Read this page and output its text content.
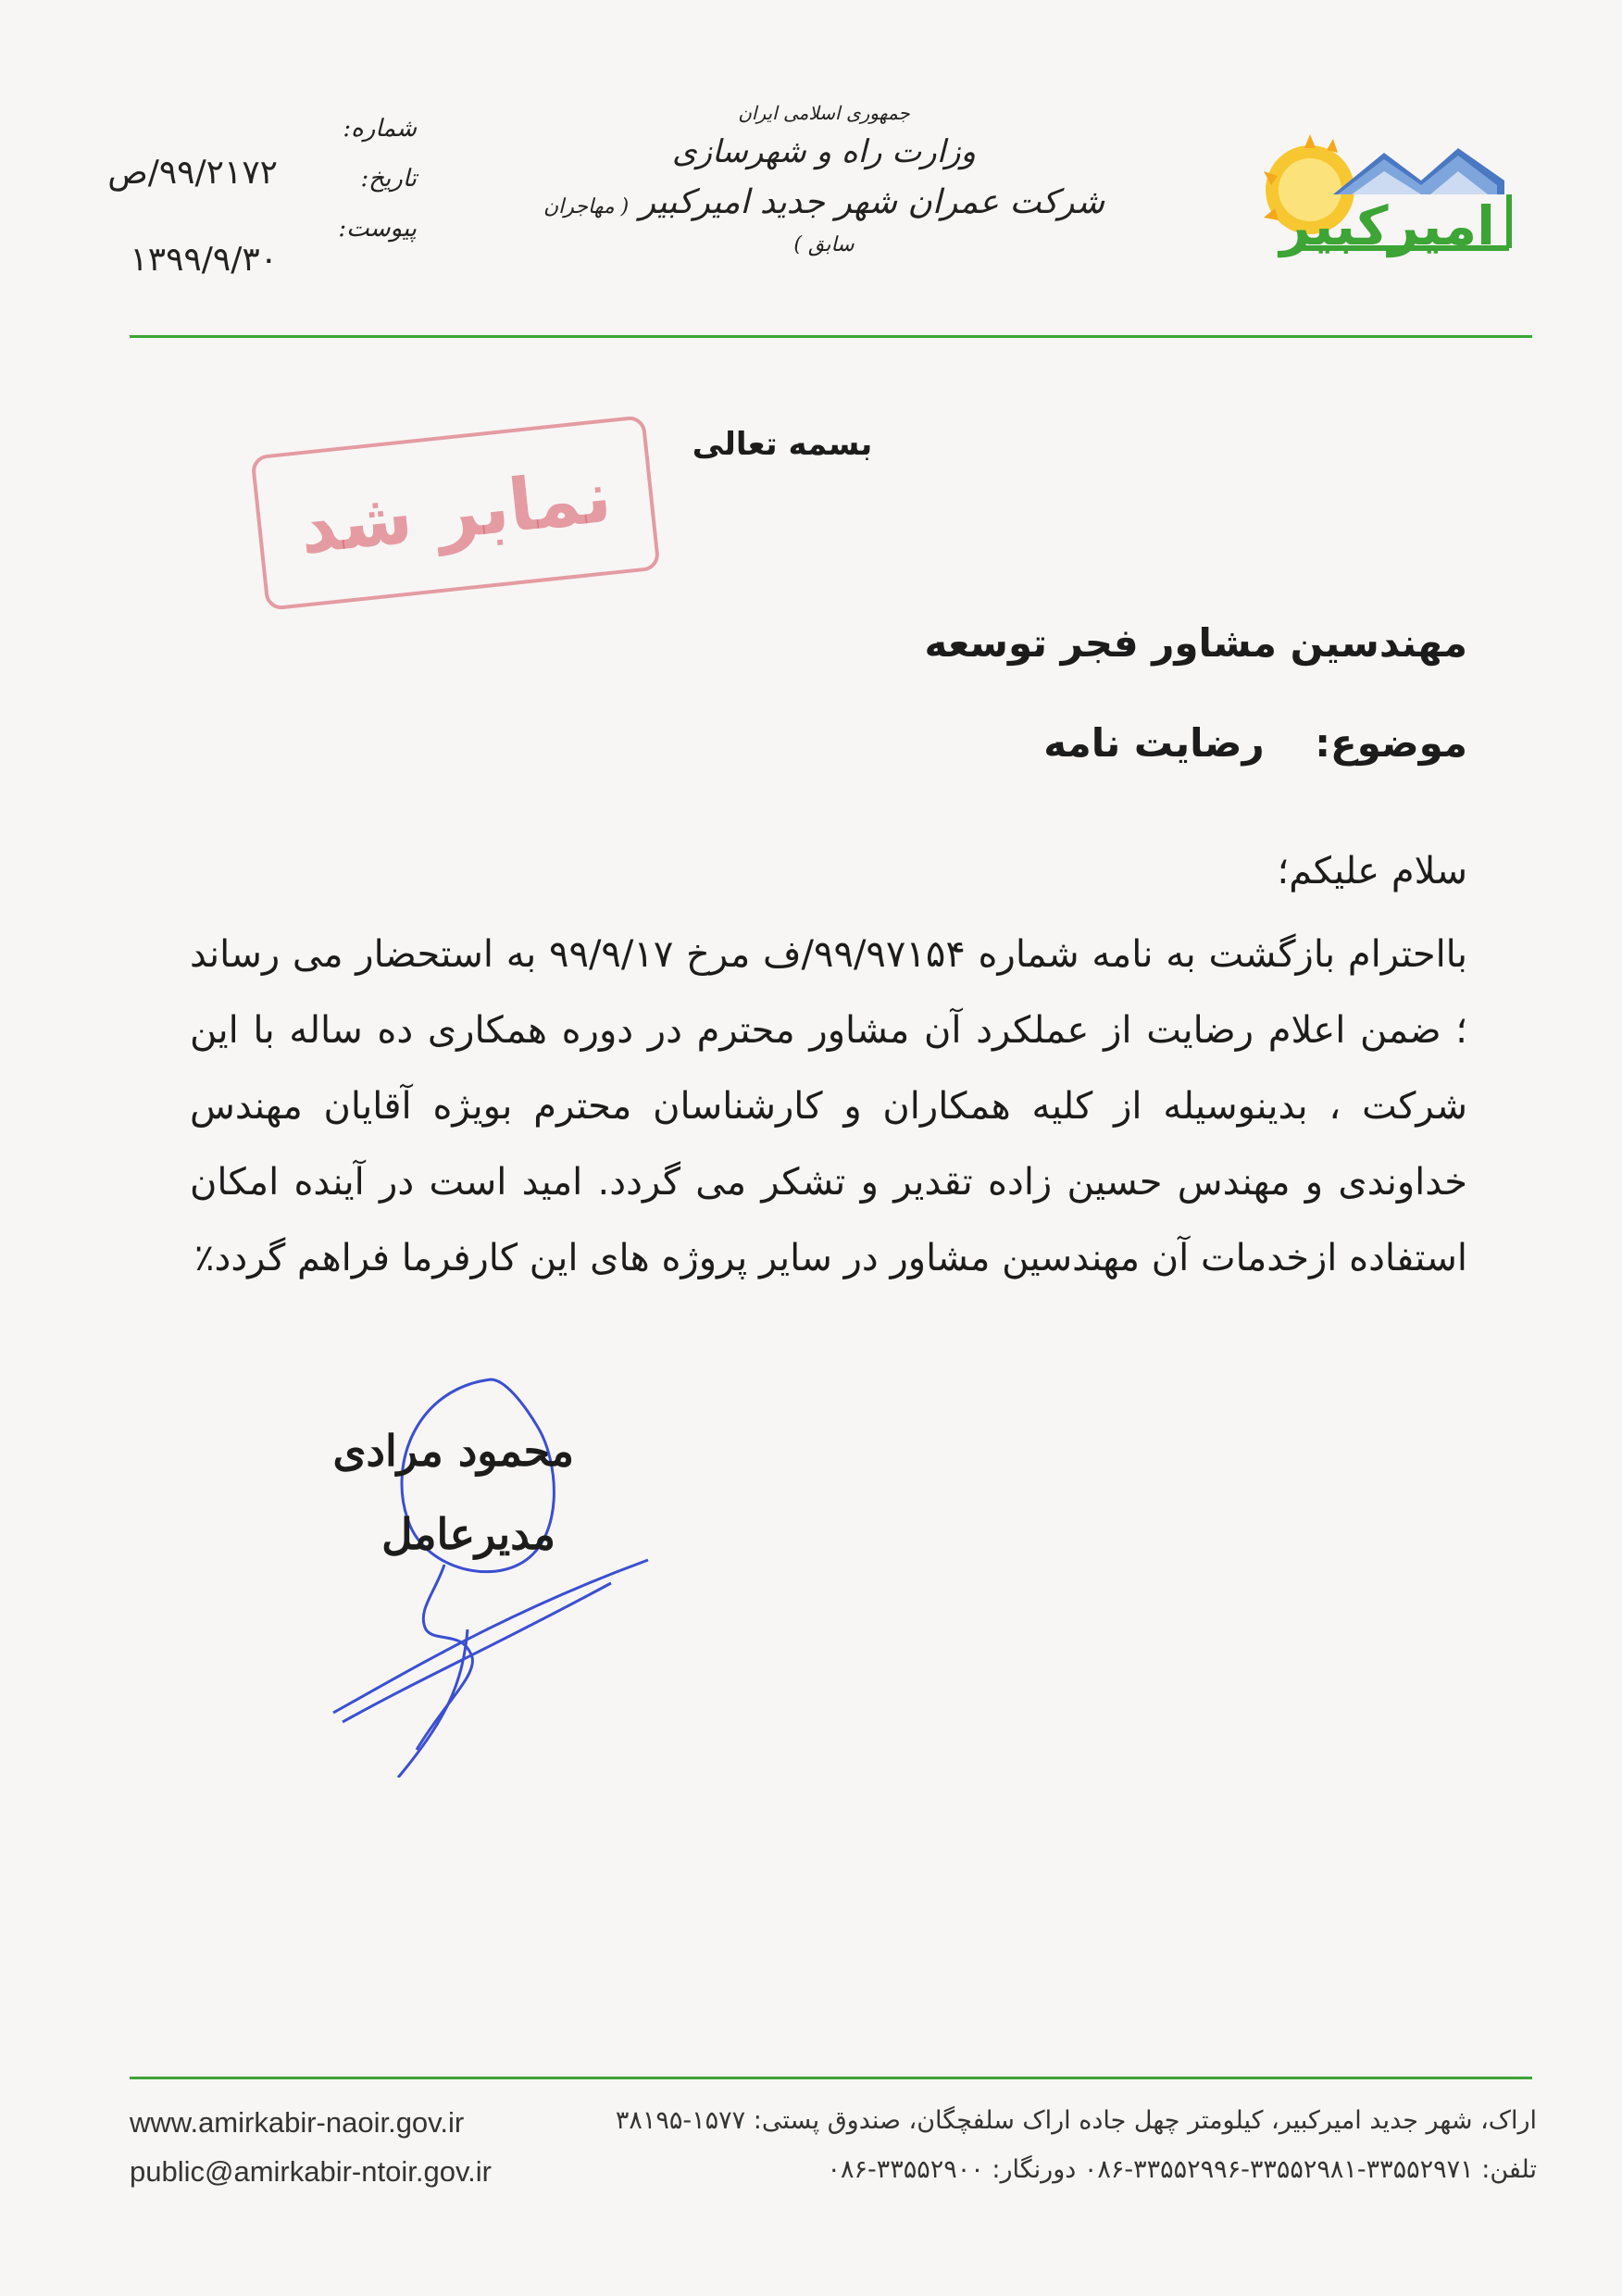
امیرکبیر
جمهوری اسلامی ایران
وزارت راه و شهرسازی
شرکت عمران شهر جدید امیرکبیر ( مهاجران سابق )
شماره:
تاریخ:
پیوست:
۹۹/۲۱۷۲/ص
۱۳۹۹/۹/۳۰
بسمه تعالی
نمابر شد
مهندسین مشاور فجر توسعه
موضوع: رضایت نامه
سلام علیکم؛
بااحترام بازگشت به نامه شماره ۹۹/۹۷۱۵۴/ف مرخ ۹۹/۹/۱۷ به استحضار می رساند ؛ ضمن اعلام رضایت از عملکرد آن مشاور محترم در دوره همکاری ده ساله با این شرکت ، بدینوسیله از کلیه همکاران و کارشناسان محترم بویژه آقایان مهندس خداوندی و مهندس حسین زاده تقدیر و تشکر می گردد. امید است در آینده امکان استفاده ازخدمات آن مهندسین مشاور در سایر پروژه های این کارفرما فراهم گردد٪
محمود مرادی
مدیرعامل
www.amirkabir-naoir.gov.ir
public@amirkabir-ntoir.gov.ir
اراک، شهر جدید امیرکبیر، کیلومتر چهل جاده اراک سلفچگان، صندوق پستی: ۱۵۷۷-۳۸۱۹۵
تلفن: ۳۳۵۵۲۹۷۱-۳۳۵۵۲۹۸۱-۳۳۵۵۲۹۹۶-۰۸۶ دورنگار: ۳۳۵۵۲۹۰۰-۰۸۶
